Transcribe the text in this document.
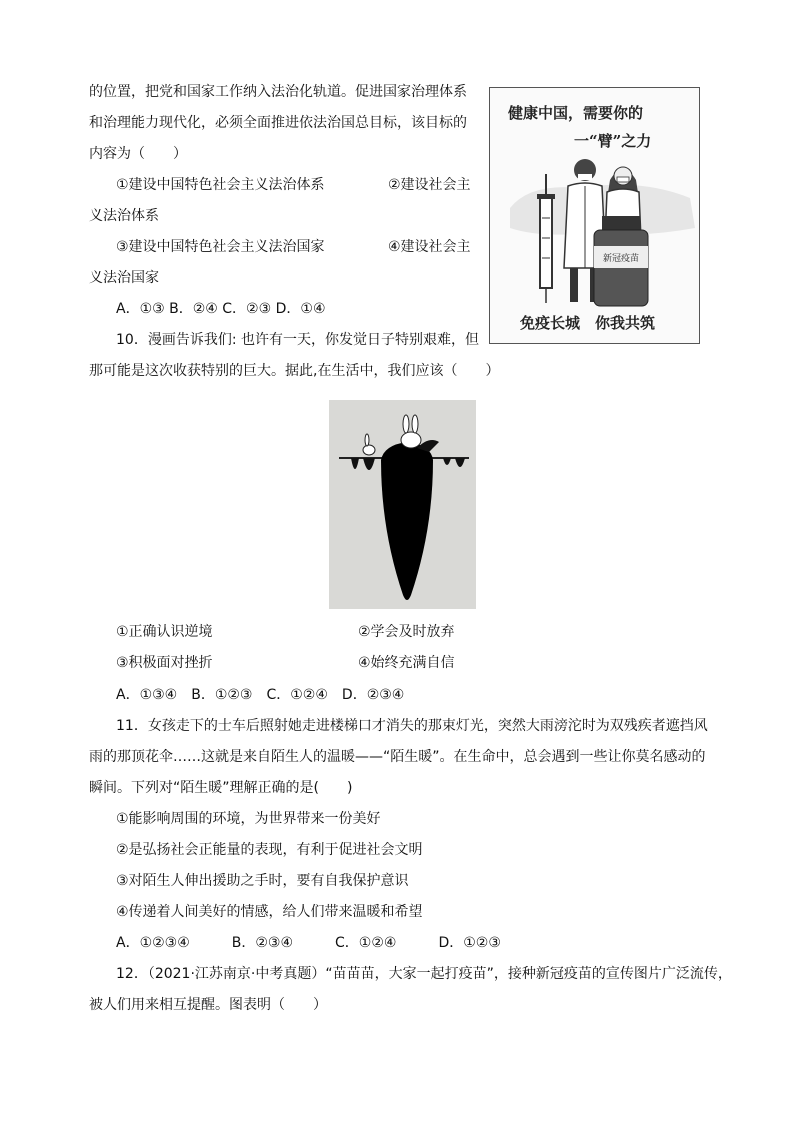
的位置，把党和国家工作纳入法治化轨道。促进国家治理体系
和治理能力现代化，必须全面推进依法治国总目标，该目标的
内容为（　　）
①建设中国特色社会主义法治体系	②建设社会主
义法治体系
③建设中国特色社会主义法治国家	④建设社会主
义法治国家
A．①③ B．②④ C．②③ D．①④
新冠疫苗
健康中国，需要你的
一“臂”之力
免疫长城　你我共筑
10．漫画告诉我们: 也许有一天，你发觉日子特别艰难，但
那可能是这次收获特别的巨大。据此,在生活中，我们应该（　　）
①正确认识逆境	②学会及时放弃
③积极面对挫折	④始终充满自信
A．①③④　B．①②③　C．①②④　D．②③④
11．女孩走下的士车后照射她走进楼梯口才消失的那束灯光，突然大雨滂沱时为双残疾者遮挡风
雨的那顶花伞……这就是来自陌生人的温暖——“陌生暖”。在生命中，总会遇到一些让你莫名感动的
瞬间。下列对“陌生暖”理解正确的是(　　)
①能影响周围的环境，为世界带来一份美好
②是弘扬社会正能量的表现，有利于促进社会文明
③对陌生人伸出援助之手时，要有自我保护意识
④传递着人间美好的情感，给人们带来温暖和希望
A．①②③④　　　B．②③④　　　C．①②④　　　D．①②③
12．（2021·江苏南京·中考真题）“苗苗苗，大家一起打疫苗”，接种新冠疫苗的宣传图片广泛流传，
被人们用来相互提醒。图表明（　　）
